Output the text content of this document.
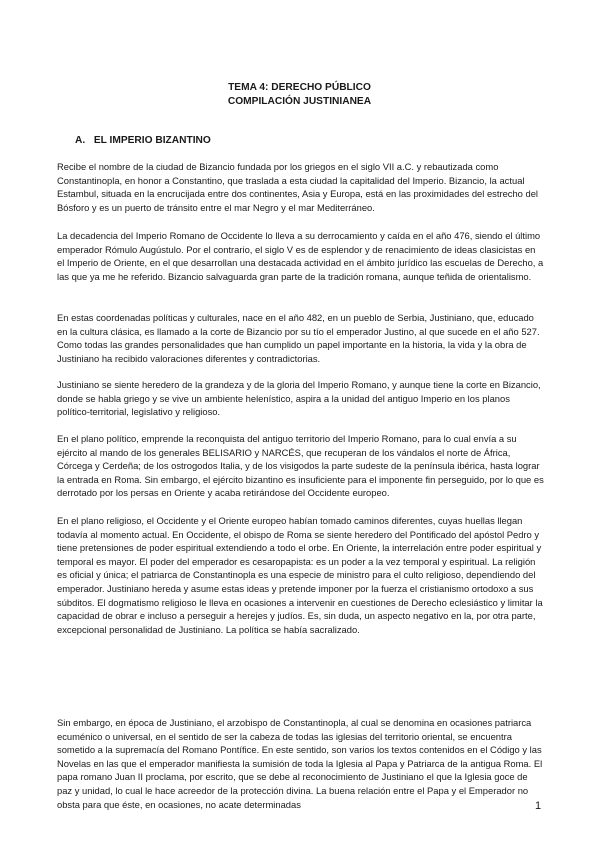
TEMA 4: DERECHO PÚBLICO
COMPILACIÓN JUSTINIANEA
A. EL IMPERIO BIZANTINO

Recibe el nombre de la ciudad de Bizancio fundada por los griegos en el siglo VII a.C. y rebautizada como Constantinopla, en honor a Constantino, que traslada a esta ciudad la capitalidad del Imperio. Bizancio, la actual Estambul, situada en la encrucijada entre dos continentes, Asia y Europa, está en las proximidades del estrecho del Bósforo y es un puerto de tránsito entre el mar Negro y el mar Mediterráneo.

La decadencia del Imperio Romano de Occidente lo lleva a su derrocamiento y caída en el año 476, siendo el último emperador Rómulo Augústulo. Por el contrario, el siglo V es de esplendor y de renacimiento de ideas clasicistas en el Imperio de Oriente, en el que desarrollan una destacada actividad en el ámbito jurídico las escuelas de Derecho, a las que ya me he referido. Bizancio salvaguarda gran parte de la tradición romana, aunque teñida de orientalismo.

En estas coordenadas políticas y culturales, nace en el año 482, en un pueblo de Serbia, Justiniano, que, educado en la cultura clásica, es llamado a la corte de Bizancio por su tío el emperador Justino, al que sucede en el año 527. Como todas las grandes personalidades que han cumplido un papel importante en la historia, la vida y la obra de Justiniano ha recibido valoraciones diferentes y contradictorias.

Justiniano se siente heredero de la grandeza y de la gloria del Imperio Romano, y aunque tiene la corte en Bizancio, donde se habla griego y se vive un ambiente helenístico, aspira a la unidad del antiguo Imperio en los planos político-territorial, legislativo y religioso.

En el plano político, emprende la reconquista del antiguo territorio del Imperio Romano, para lo cual envía a su ejército al mando de los generales BELISARIO y NARCÉS, que recuperan de los vándalos el norte de África, Córcega y Cerdeña; de los ostrogodos Italia, y de los visigodos la parte sudeste de la península ibérica, hasta lograr la entrada en Roma. Sin embargo, el ejército bizantino es insuficiente para el imponente fin perseguido, por lo que es derrotado por los persas en Oriente y acaba retirándose del Occidente europeo.

En el plano religioso, el Occidente y el Oriente europeo habían tomado caminos diferentes, cuyas huellas llegan todavía al momento actual. En Occidente, el obispo de Roma se siente heredero del Pontificado del apóstol Pedro y tiene pretensiones de poder espiritual extendiendo a todo el orbe. En Oriente, la interrelación entre poder espiritual y temporal es mayor. El poder del emperador es cesaropapista: es un poder a la vez temporal y espiritual. La religión es oficial y única; el patriarca de Constantinopla es una especie de ministro para el culto religioso, dependiendo del emperador. Justiniano hereda y asume estas ideas y pretende imponer por la fuerza el cristianismo ortodoxo a sus súbditos. El dogmatismo religioso le lleva en ocasiones a intervenir en cuestiones de Derecho eclesiástico y limitar la capacidad de obrar e incluso a perseguir a herejes y judíos. Es, sin duda, un aspecto negativo en la, por otra parte, excepcional personalidad de Justiniano. La política se había sacralizado.

Sin embargo, en época de Justiniano, el arzobispo de Constantinopla, al cual se denomina en ocasiones patriarca ecuménico o universal, en el sentido de ser la cabeza de todas las iglesias del territorio oriental, se encuentra sometido a la supremacía del Romano Pontífice. En este sentido, son varios los textos contenidos en el Código y las Novelas en las que el emperador manifiesta la sumisión de toda la Iglesia al Papa y Patriarca de la antigua Roma. El papa romano Juan II proclama, por escrito, que se debe al reconocimiento de Justiniano el que la Iglesia goce de paz y unidad, lo cual le hace acreedor de la protección divina. La buena relación entre el Papa y el Emperador no obsta para que éste, en ocasiones, no acate determinadas	1
